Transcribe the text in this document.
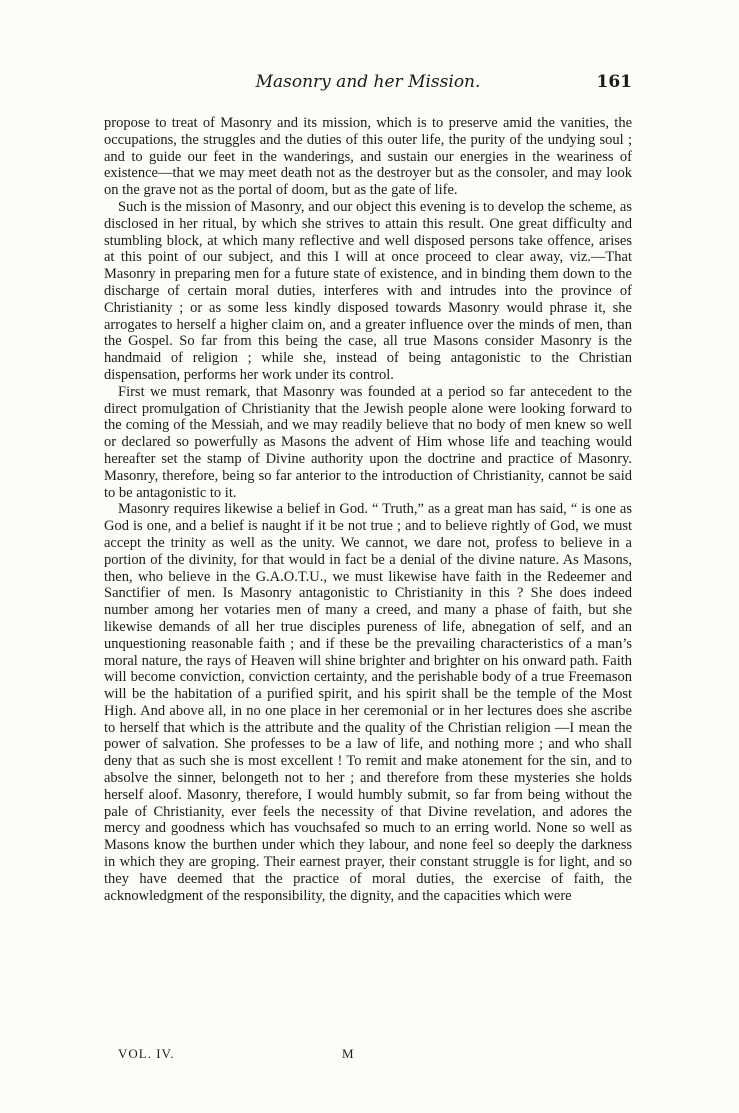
Masonry and her Mission.	161

propose to treat of Masonry and its mission, which is to preserve amid the vanities, the occupations, the struggles and the duties of this outer life, the purity of the undying soul ; and to guide our feet in the wanderings, and sustain our energies in the weariness of existence—that we may meet death not as the destroyer but as the consoler, and may look on the grave not as the portal of doom, but as the gate of life.

Such is the mission of Masonry, and our object this evening is to develop the scheme, as disclosed in her ritual, by which she strives to attain this result. One great difficulty and stumbling block, at which many reflective and well disposed persons take offence, arises at this point of our subject, and this I will at once proceed to clear away, viz.—That Masonry in preparing men for a future state of existence, and in binding them down to the discharge of certain moral duties, interferes with and intrudes into the province of Christianity ; or as some less kindly disposed towards Masonry would phrase it, she arrogates to herself a higher claim on, and a greater influence over the minds of men, than the Gospel. So far from this being the case, all true Masons consider Masonry is the handmaid of religion ; while she, instead of being antagonistic to the Christian dispensation, performs her work under its control.

First we must remark, that Masonry was founded at a period so far antecedent to the direct promulgation of Christianity that the Jewish people alone were looking forward to the coming of the Messiah, and we may readily believe that no body of men knew so well or declared so powerfully as Masons the advent of Him whose life and teaching would hereafter set the stamp of Divine authority upon the doctrine and practice of Masonry. Masonry, therefore, being so far anterior to the introduction of Christianity, cannot be said to be antagonistic to it.

Masonry requires likewise a belief in God. “ Truth,” as a great man has said, “ is one as God is one, and a belief is naught if it be not true ; and to believe rightly of God, we must accept the trinity as well as the unity. We cannot, we dare not, profess to believe in a portion of the divinity, for that would in fact be a denial of the divine nature. As Masons, then, who believe in the G.A.O.T.U., we must likewise have faith in the Redeemer and Sanctifier of men. Is Masonry antagonistic to Christianity in this ? She does indeed number among her votaries men of many a creed, and many a phase of faith, but she likewise demands of all her true disciples pureness of life, abnegation of self, and an unquestioning reasonable faith ; and if these be the prevailing characteristics of a man’s moral nature, the rays of Heaven will shine brighter and brighter on his onward path. Faith will become conviction, conviction certainty, and the perishable body of a true Freemason will be the habitation of a purified spirit, and his spirit shall be the temple of the Most High. And above all, in no one place in her ceremonial or in her lectures does she ascribe to herself that which is the attribute and the quality of the Christian religion —I mean the power of salvation. She professes to be a law of life, and nothing more ; and who shall deny that as such she is most excellent ! To remit and make atonement for the sin, and to absolve the sinner, belongeth not to her ; and therefore from these mysteries she holds herself aloof. Masonry, therefore, I would humbly submit, so far from being without the pale of Christianity, ever feels the necessity of that Divine revelation, and adores the mercy and goodness which has vouchsafed so much to an erring world. None so well as Masons know the burthen under which they labour, and none feel so deeply the darkness in which they are groping. Their earnest prayer, their constant struggle is for light, and so they have deemed that the practice of moral duties, the exercise of faith, the acknowledgment of the responsibility, the dignity, and the capacities which were

VOL. IV.	M
